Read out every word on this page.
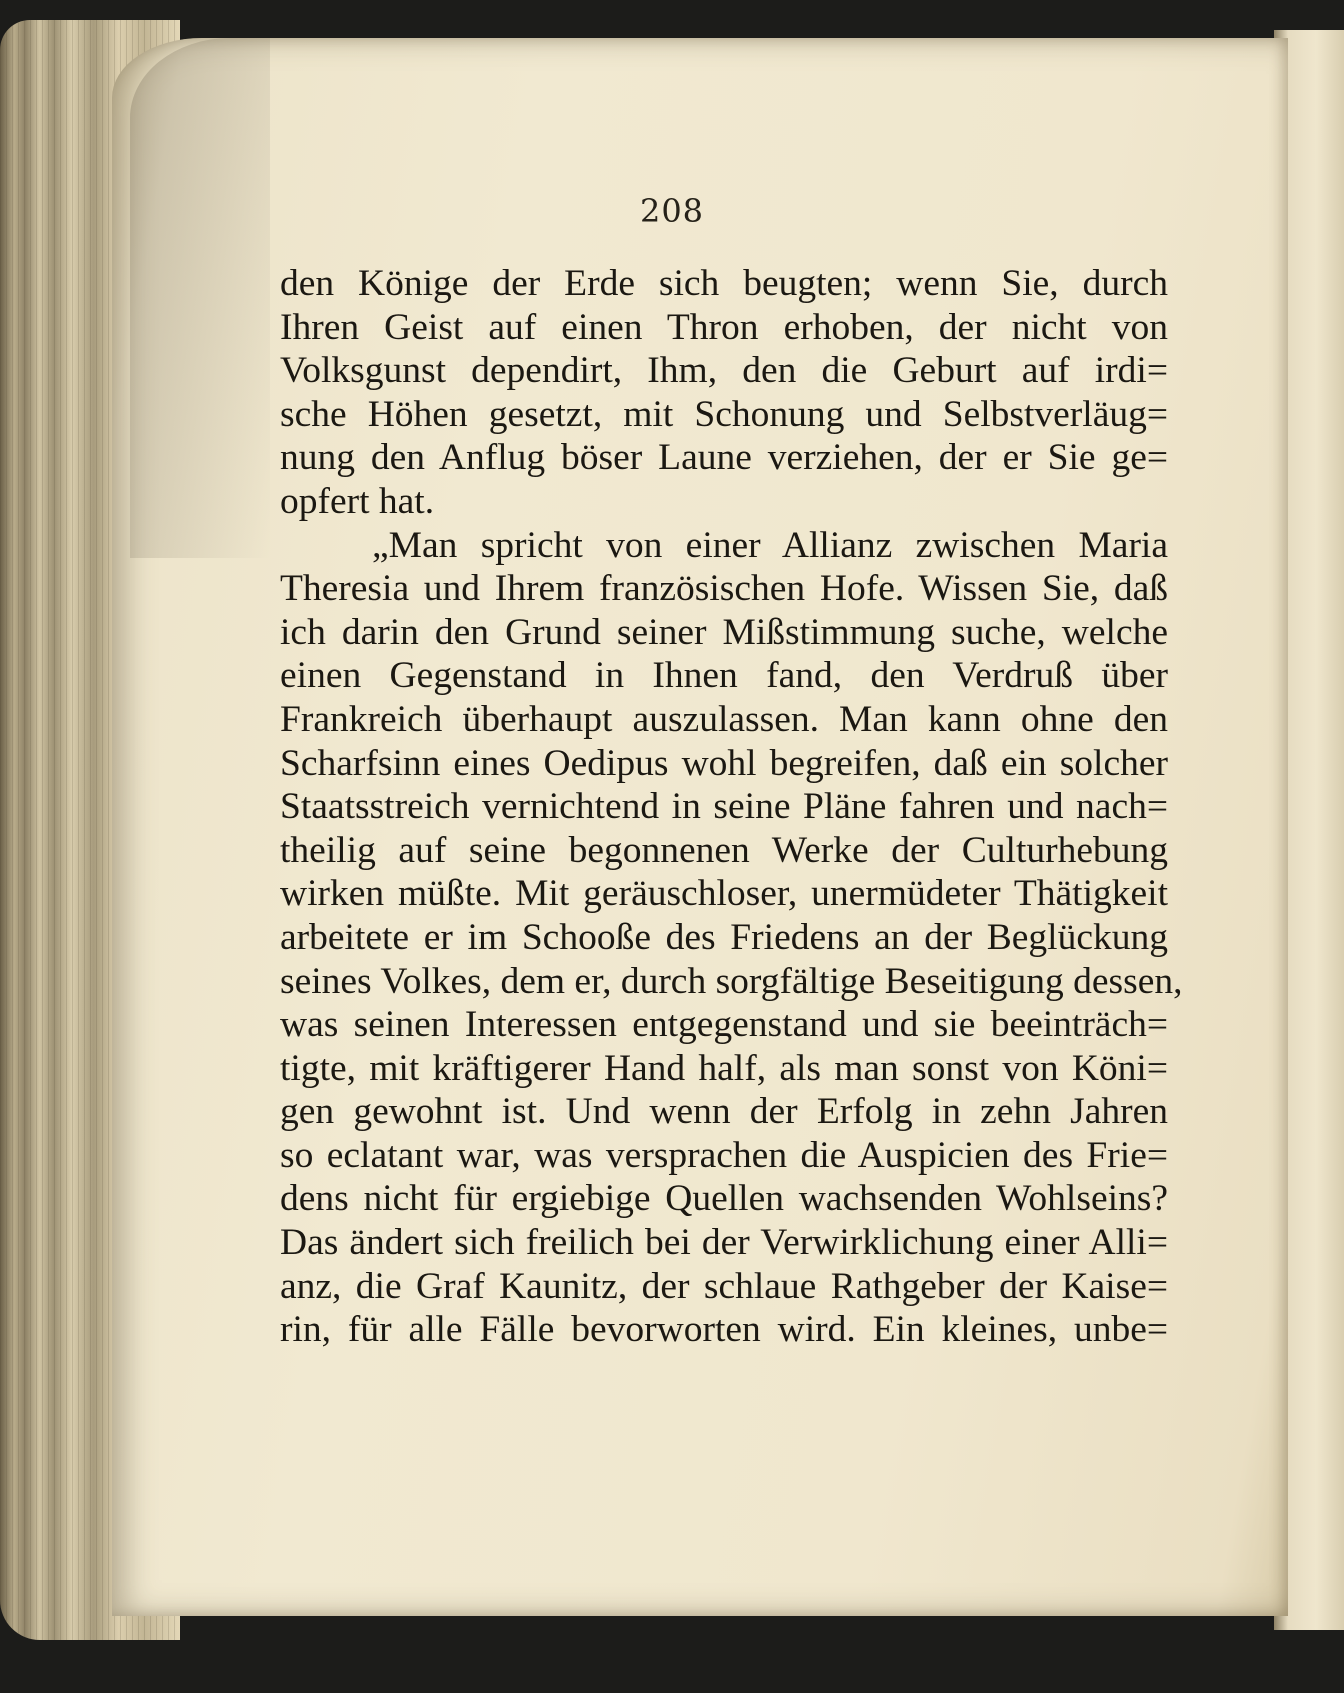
208
den Könige der Erde sich beugten; wenn Sie, durch
Ihren Geist auf einen Thron erhoben, der nicht von
Volksgunst dependirt, Ihm, den die Geburt auf irdi=
sche Höhen gesetzt, mit Schonung und Selbstverläug=
nung den Anflug böser Laune verziehen, der er Sie ge=
opfert hat.
„Man spricht von einer Allianz zwischen Maria
Theresia und Ihrem französischen Hofe. Wissen Sie, daß
ich darin den Grund seiner Mißstimmung suche, welche
einen Gegenstand in Ihnen fand, den Verdruß über
Frankreich überhaupt auszulassen. Man kann ohne den
Scharfsinn eines Oedipus wohl begreifen, daß ein solcher
Staatsstreich vernichtend in seine Pläne fahren und nach=
theilig auf seine begonnenen Werke der Culturhebung
wirken müßte. Mit geräuschloser, unermüdeter Thätigkeit
arbeitete er im Schooße des Friedens an der Beglückung
seines Volkes, dem er, durch sorgfältige Beseitigung dessen,
was seinen Interessen entgegenstand und sie beeinträch=
tigte, mit kräftigerer Hand half, als man sonst von Köni=
gen gewohnt ist. Und wenn der Erfolg in zehn Jahren
so eclatant war, was versprachen die Auspicien des Frie=
dens nicht für ergiebige Quellen wachsenden Wohlseins?
Das ändert sich freilich bei der Verwirklichung einer Alli=
anz, die Graf Kaunitz, der schlaue Rathgeber der Kaise=
rin, für alle Fälle bevorworten wird. Ein kleines, unbe=
